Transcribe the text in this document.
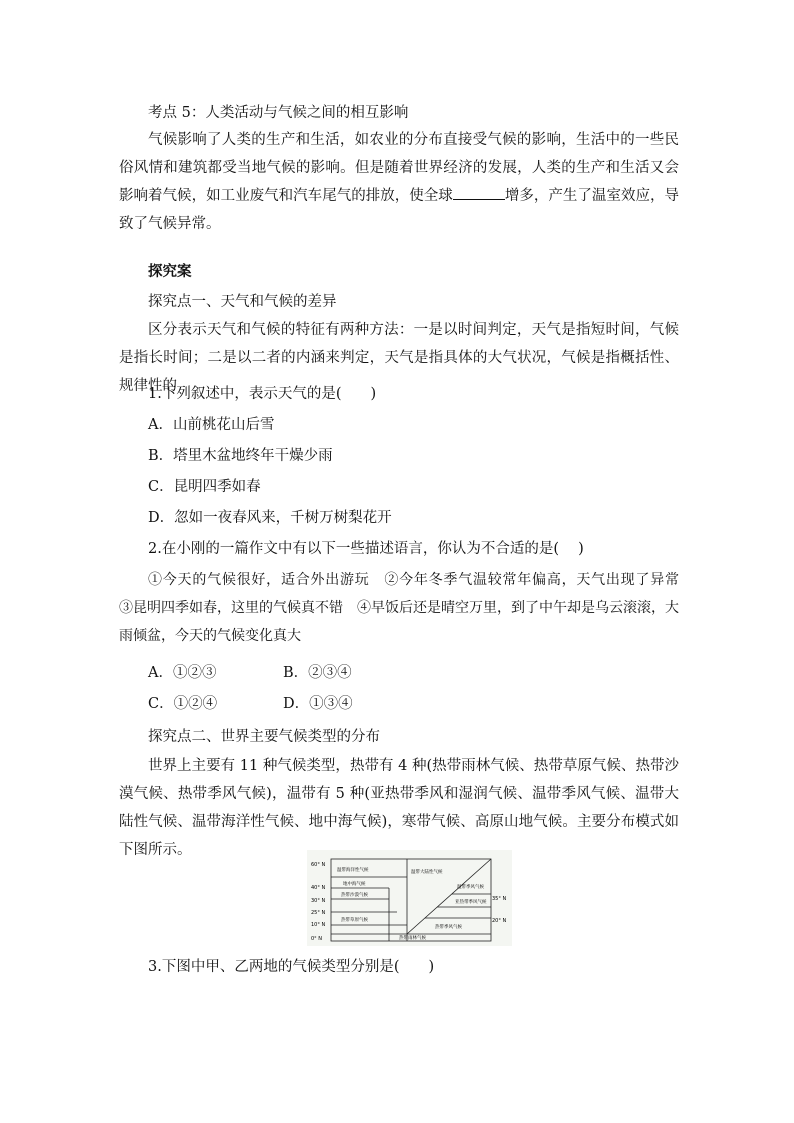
考点 5：人类活动与气候之间的相互影响
气候影响了人类的生产和生活，如农业的分布直接受气候的影响，生活中的一些民俗风情和建筑都受当地气候的影响。但是随着世界经济的发展，人类的生产和生活又会影响着气候，如工业废气和汽车尾气的排放，使全球	增多，产生了温室效应，导致了气候异常。
探究案
探究点一、天气和气候的差异
区分表示天气和气候的特征有两种方法：一是以时间判定，天气是指短时间，气候是指长时间；二是以二者的内涵来判定，天气是指具体的大气状况，气候是指概括性、规律性的
1.下列叙述中，表示天气的是(　　)
A．山前桃花山后雪
B．塔里木盆地终年干燥少雨
C．昆明四季如春
D．忽如一夜春风来，千树万树梨花开
2.在小刚的一篇作文中有以下一些描述语言，你认为不合适的是(　 )
①今天的气候很好，适合外出游玩　②今年冬季气温较常年偏高，天气出现了异常　③昆明四季如春，这里的气候真不错　④早饭后还是晴空万里，到了中午却是乌云滚滚，大雨倾盆，今天的气候变化真大
A．①②③	B．②③④
C．①②④	D．①③④
探究点二、世界主要气候类型的分布
世界上主要有 11 种气候类型，热带有 4 种(热带雨林气候、热带草原气候、热带沙漠气候、热带季风气候)，温带有 5 种(亚热带季风和湿润气候、温带季风气候、温带大陆性气候、温带海洋性气候、地中海气候)，寒带气候、高原山地气候。主要分布模式如下图所示。
60° N
40° N
30° N
25° N
10° N
0° N
35° N
20° N
温带海洋性气候
地中海气候
热带沙漠气候
热带草原气候
热带雨林气候
温带大陆性气候
温带季风气候
亚热带季风气候
热带季风气候
3.下图中甲、乙两地的气候类型分别是(　　)
